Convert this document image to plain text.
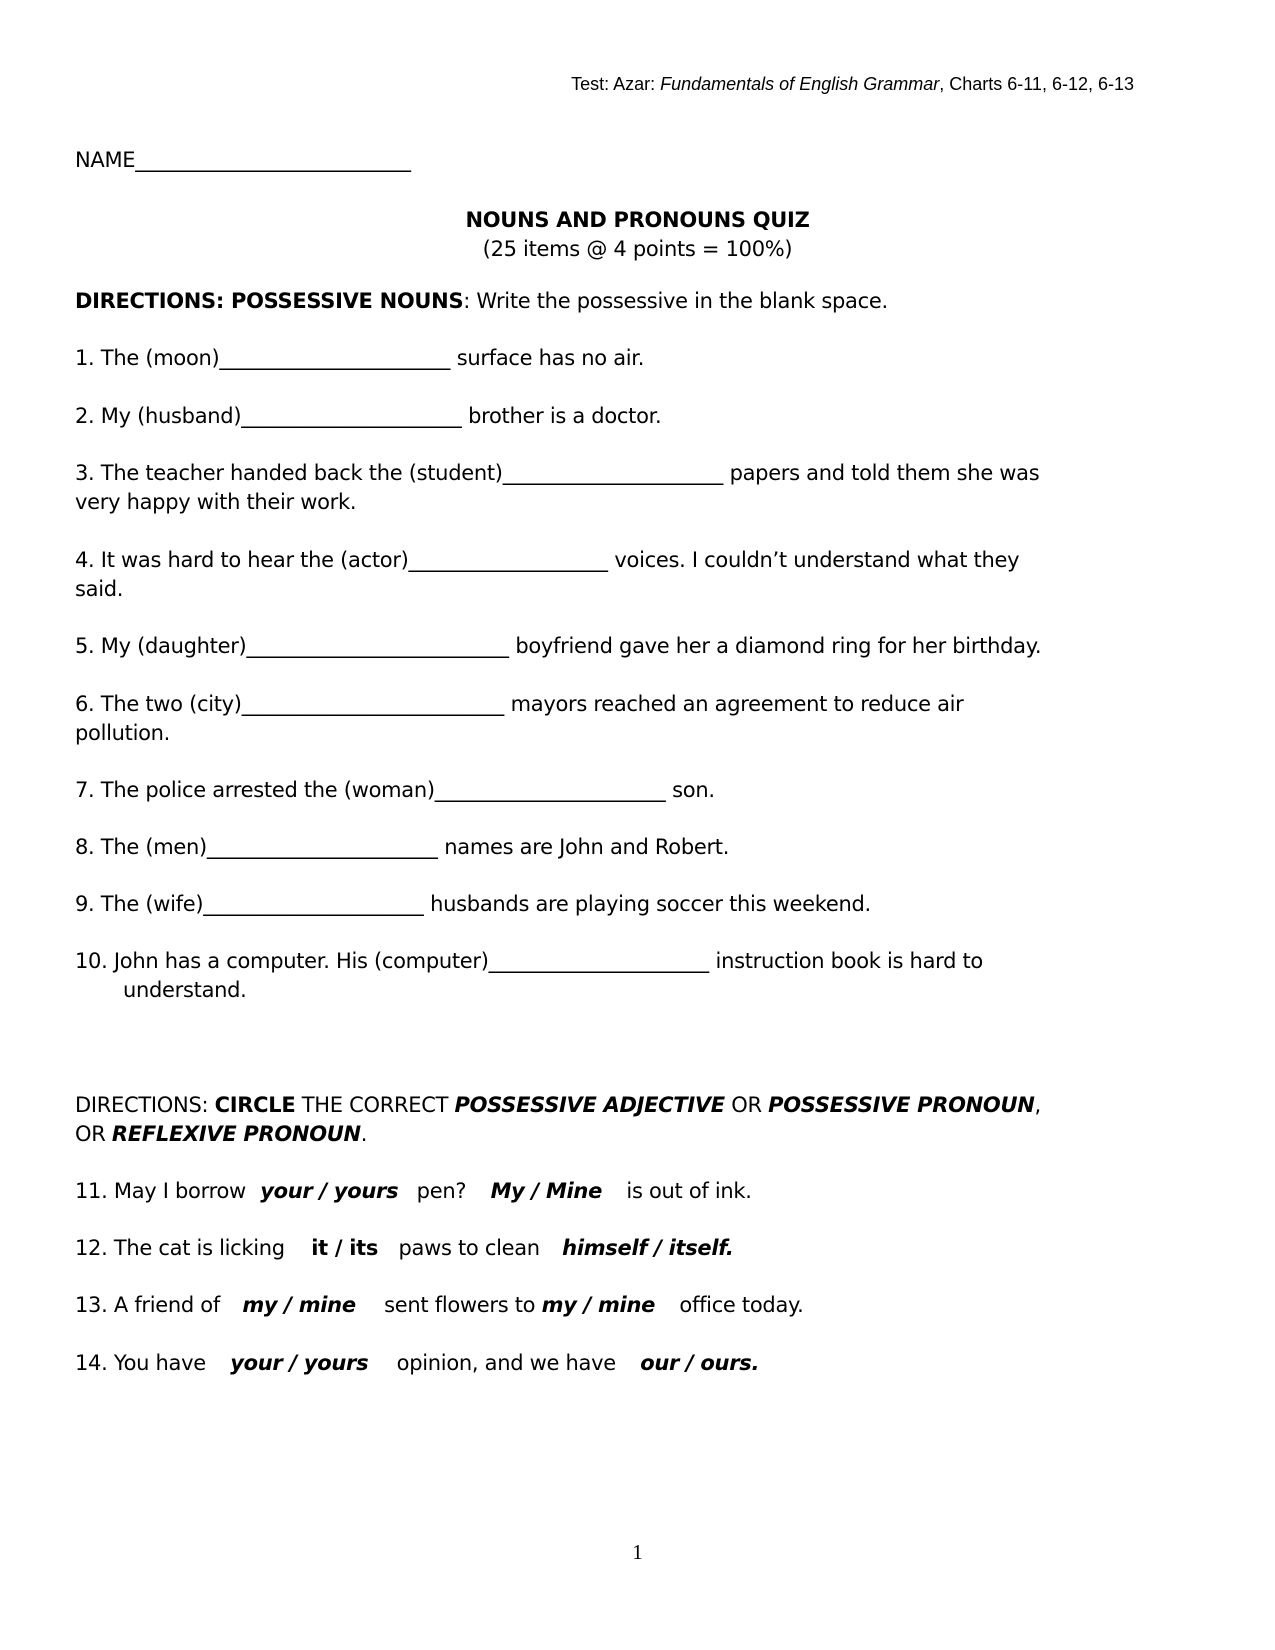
Test: Azar: Fundamentals of English Grammar, Charts 6-11, 6-12, 6-13
NAME___________________________
NOUNS AND PRONOUNS QUIZ
(25 items @ 4 points = 100%)
DIRECTIONS: POSSESSIVE NOUNS: Write the possessive in the blank space.
1. The (moon)______________________ surface has no air.
2. My (husband)_____________________ brother is a doctor.
3. The teacher handed back the (student)_____________________ papers and told them she was
very happy with their work.
4. It was hard to hear the (actor)___________________ voices. I couldn’t understand what they
said.
5. My (daughter)_________________________ boyfriend gave her a diamond ring for her birthday.
6. The two (city)_________________________ mayors reached an agreement to reduce air
pollution.
7. The police arrested the (woman)______________________ son.
8. The (men)______________________ names are John and Robert.
9. The (wife)_____________________ husbands are playing soccer this weekend.
10. John has a computer. His (computer)_____________________ instruction book is hard to
understand.
DIRECTIONS: CIRCLE THE CORRECT POSSESSIVE ADJECTIVE OR POSSESSIVE PRONOUN,
OR REFLEXIVE PRONOUN.
11. May I borrow your / yours pen? My / Mine is out of ink.
12. The cat is licking it / its paws to clean himself / itself.
13. A friend of my / mine sent flowers to my / mine office today.
14. You have your / yours opinion, and we have our / ours.
1
